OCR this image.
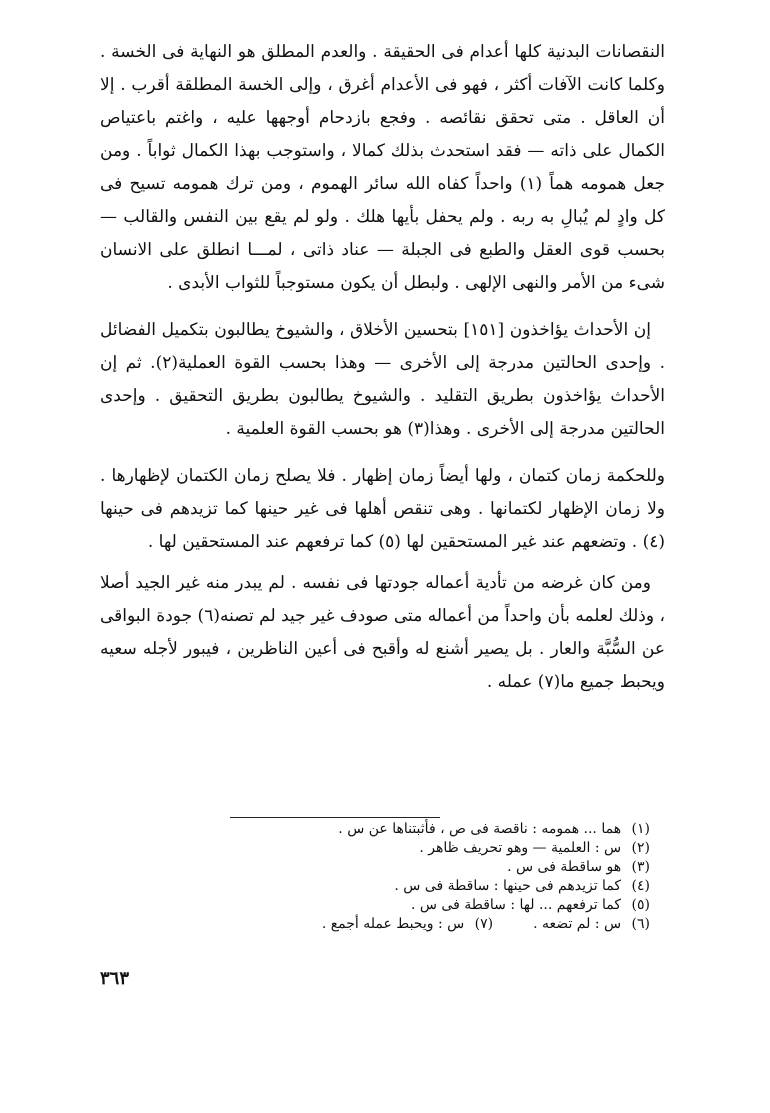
النقصانات البدنية كلها أعدام فى الحقيقة . والعدم المطلق هو النهاية فى الخسة . وكلما كانت الآفات أكثر ، فهو فى الأعدام أغرق ، وإلى الخسة المطلقة أقرب . إلا أن العاقل . متى تحقق نقائصه . وفجع بازدحام أوجهها عليه ، واغتم باعتياص الكمال على ذاته — فقد استحدث بذلك كمالا ، واستوجب بهذا الكمال ثواباً . ومن جعل همومه هماً (١) واحداً كفاه الله سائر الهموم ، ومن ترك همومه تسيح فى كل وادٍ لم يُبالِ به ربه . ولم يحفل بأيها هلك . ولو لم يقع بين النفس والقالب — بحسب قوى العقل والطبع فى الجبلة — عناد ذاتى ، لمـــا انطلق على الانسان شىء من الأمر والنهى الإلهى . ولبطل أن يكون مستوجباً للثواب الأبدى .

إن الأحداث يؤاخذون [١٥١] بتحسين الأخلاق ، والشيوخ يطالبون بتكميل الفضائل . وإحدى الحالتين مدرجة إلى الأخرى — وهذا بحسب القوة العملية(٢). ثم إن الأحداث يؤاخذون بطريق التقليد . والشيوخ يطالبون بطريق التحقيق . وإحدى الحالتين مدرجة إلى الأخرى . وهذا(٣) هو بحسب القوة العلمية .

وللحكمة زمان كتمان ، ولها أيضاً زمان إظهار . فلا يصلح زمان الكتمان لإظهارها . ولا زمان الإظهار لكتمانها . وهى تنقص أهلها فى غير حينها كما تزيدهم فى حينها (٤) . وتضعهم عند غير المستحقين لها (٥) كما ترفعهم عند المستحقين لها .

ومن كان غرضه من تأدية أعماله جودتها فى نفسه . لم يبدر منه غير الجيد أصلا ، وذلك لعلمه بأن واحداً من أعماله متى صودف غير جيد لم تصنه(٦) جودة البواقى عن السُّبَّة والعار . بل يصير أشنع له وأقبح فى أعين الناظرين ، فيبور لأجله سعيه ويحبط جميع ما(٧) عمله .

(١) هما ... همومه : ناقصة فى ص ، فأثبتناها عن س .
(٢) س : العلمية — وهو تحريف ظاهر .
(٣) هو ساقطة فى س .
(٤) كما تزيدهم فى حينها : ساقطة فى س .
(٥) كما ترفعهم ... لها : ساقطة فى س .
(٦) س : لم تضعه .
(٧) س : ويحبط عمله أجمع .
٣٦٣
